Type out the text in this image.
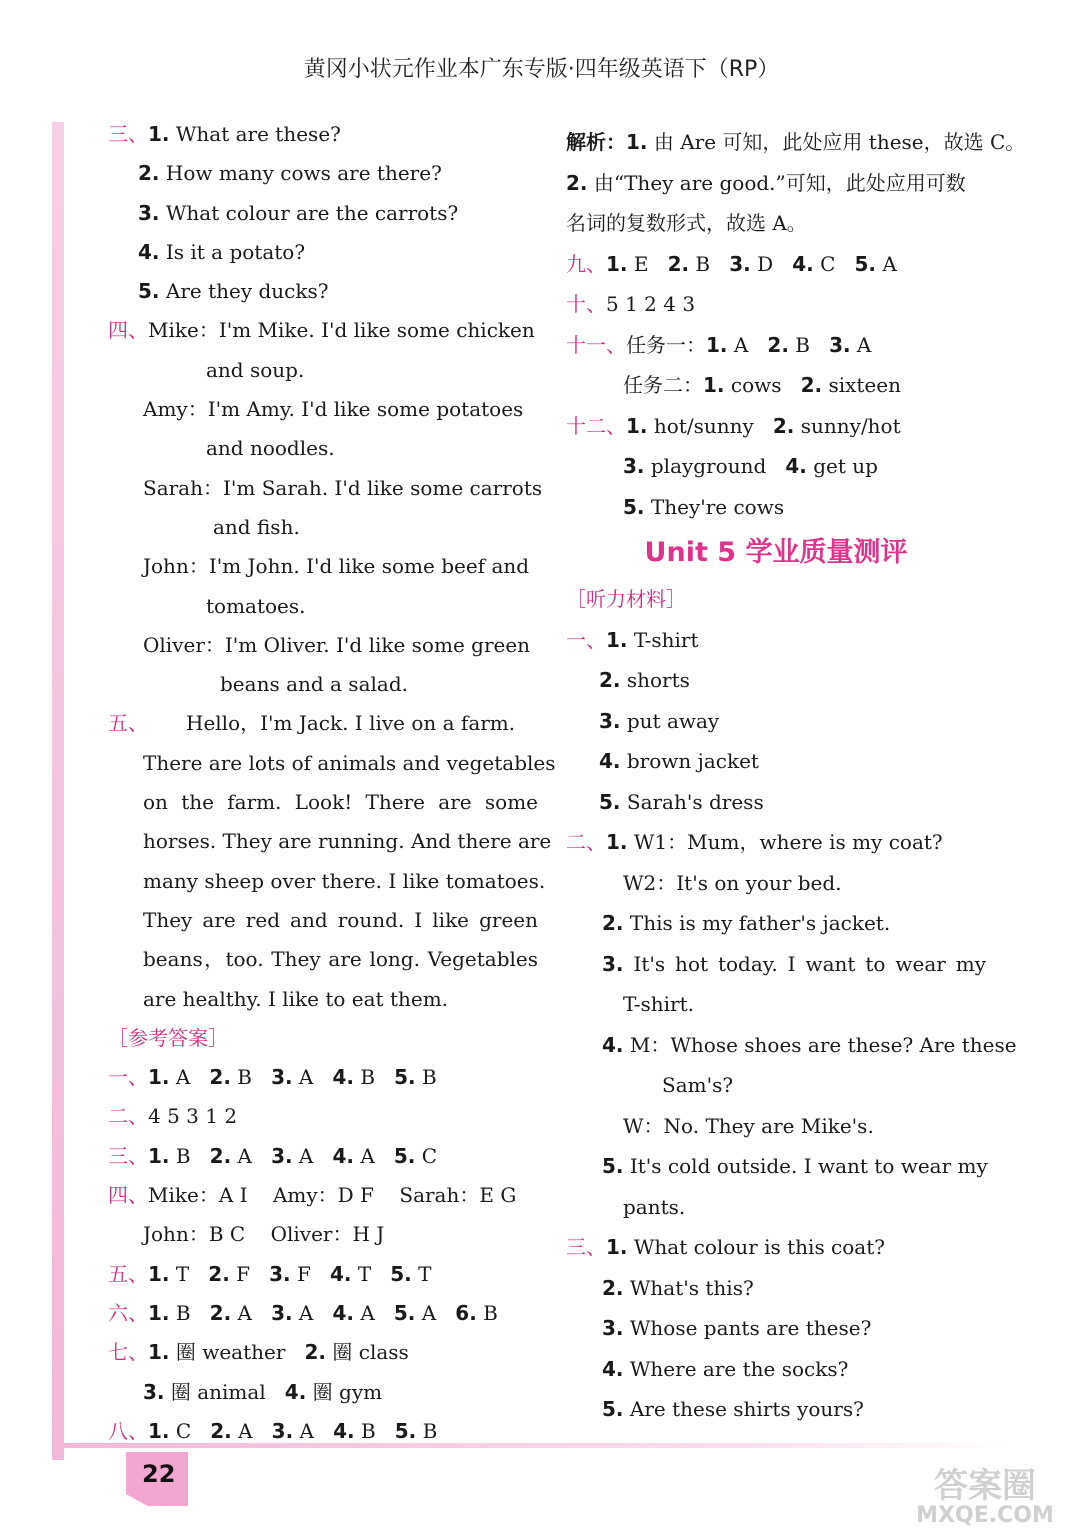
黄冈小状元作业本广东专版·四年级英语下（RP）
三、1. What are these?
2. How many cows are there?
3. What colour are the carrots?
4. Is it a potato?
5. Are they ducks?
四、Mike：I'm Mike. I'd like some chicken
and soup.
Amy：I'm Amy. I'd like some potatoes
and noodles.
Sarah：I'm Sarah. I'd like some carrots
and fish.
John：I'm John. I'd like some beef and
tomatoes.
Oliver：I'm Oliver. I'd like some green
beans and a salad.
五、 Hello，I'm Jack. I live on a farm.
There are lots of animals and vegetables
on the farm. Look! There are some
horses. They are running. And there are
many sheep over there. I like tomatoes.
They are red and round. I like green
beans，too. They are long. Vegetables
are healthy. I like to eat them.
［参考答案］
一、1. A 2. B 3. A 4. B 5. B
二、4 5 3 1 2
三、1. B 2. A 3. A 4. A 5. C
四、Mike：A I    Amy：D F    Sarah：E G
John：B C    Oliver：H J
五、1. T 2. F 3. F 4. T 5. T
六、1. B 2. A 3. A 4. A 5. A 6. B
七、1. 圈 weather 2. 圈 class
3. 圈 animal 4. 圈 gym
八、1. C 2. A 3. A 4. B 5. B
解析：1. 由 Are 可知，此处应用 these，故选 C。
2. 由“They are good.”可知，此处应用可数
名词的复数形式，故选 A。
九、1. E 2. B 3. D 4. C 5. A
十、5 1 2 4 3
十一、任务一：1. A 2. B 3. A
任务二：1. cows 2. sixteen
十二、1. hot/sunny 2. sunny/hot
3. playground 4. get up
5. They're cows
Unit 5 学业质量测评
［听力材料］
一、1. T-shirt
2. shorts
3. put away
4. brown jacket
5. Sarah's dress
二、1. W1：Mum，where is my coat?
W2：It's on your bed.
2. This is my father's jacket.
3. It's hot today. I want to wear my
T-shirt.
4. M：Whose shoes are these? Are these
Sam's?
W：No. They are Mike's.
5. It's cold outside. I want to wear my
pants.
三、1. What colour is this coat?
2. What's this?
3. Whose pants are these?
4. Where are the socks?
5. Are these shirts yours?
22	答案圈
MXQE.COM
